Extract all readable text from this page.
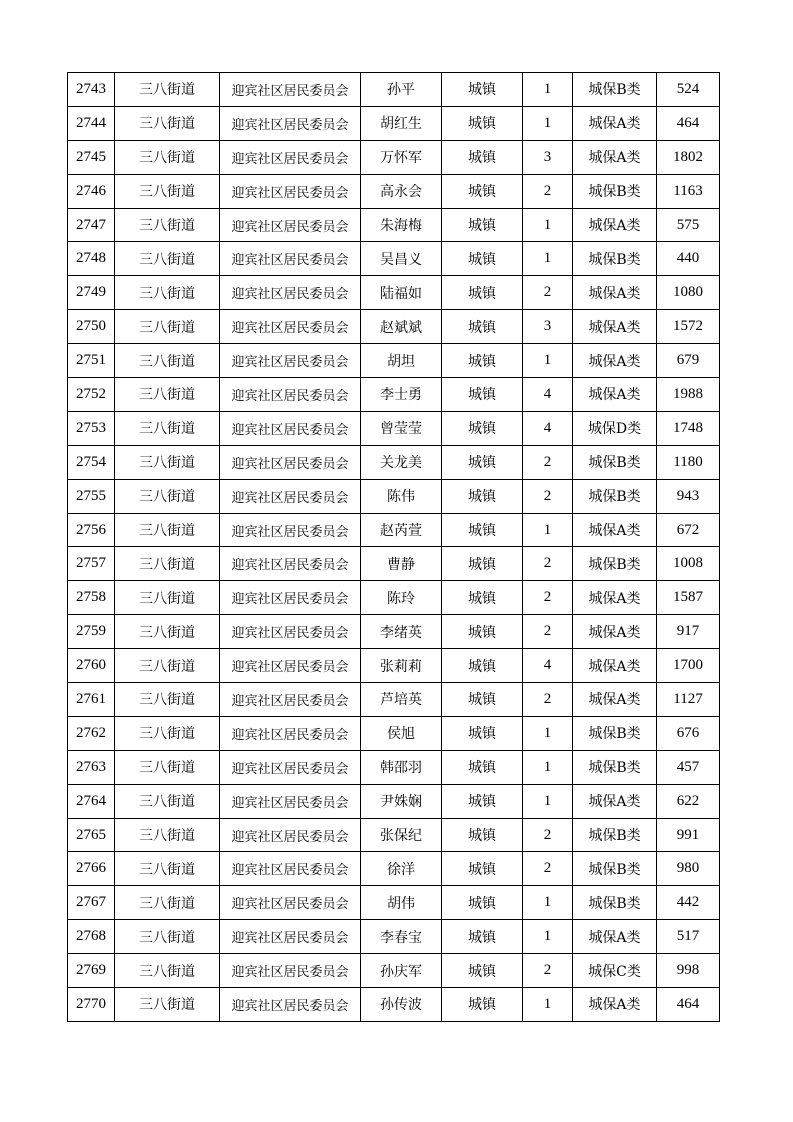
2743	三八街道	迎宾社区居民委员会	孙平	城镇	1	城保B类	524
2744	三八街道	迎宾社区居民委员会	胡红生	城镇	1	城保A类	464
2745	三八街道	迎宾社区居民委员会	万怀军	城镇	3	城保A类	1802
2746	三八街道	迎宾社区居民委员会	高永会	城镇	2	城保B类	1163
2747	三八街道	迎宾社区居民委员会	朱海梅	城镇	1	城保A类	575
2748	三八街道	迎宾社区居民委员会	吴昌义	城镇	1	城保B类	440
2749	三八街道	迎宾社区居民委员会	陆福如	城镇	2	城保A类	1080
2750	三八街道	迎宾社区居民委员会	赵斌斌	城镇	3	城保A类	1572
2751	三八街道	迎宾社区居民委员会	胡坦	城镇	1	城保A类	679
2752	三八街道	迎宾社区居民委员会	李士勇	城镇	4	城保A类	1988
2753	三八街道	迎宾社区居民委员会	曾莹莹	城镇	4	城保D类	1748
2754	三八街道	迎宾社区居民委员会	关龙美	城镇	2	城保B类	1180
2755	三八街道	迎宾社区居民委员会	陈伟	城镇	2	城保B类	943
2756	三八街道	迎宾社区居民委员会	赵芮萱	城镇	1	城保A类	672
2757	三八街道	迎宾社区居民委员会	曹静	城镇	2	城保B类	1008
2758	三八街道	迎宾社区居民委员会	陈玲	城镇	2	城保A类	1587
2759	三八街道	迎宾社区居民委员会	李绪英	城镇	2	城保A类	917
2760	三八街道	迎宾社区居民委员会	张莉莉	城镇	4	城保A类	1700
2761	三八街道	迎宾社区居民委员会	芦培英	城镇	2	城保A类	1127
2762	三八街道	迎宾社区居民委员会	侯旭	城镇	1	城保B类	676
2763	三八街道	迎宾社区居民委员会	韩邵羽	城镇	1	城保B类	457
2764	三八街道	迎宾社区居民委员会	尹姝娴	城镇	1	城保A类	622
2765	三八街道	迎宾社区居民委员会	张保纪	城镇	2	城保B类	991
2766	三八街道	迎宾社区居民委员会	徐洋	城镇	2	城保B类	980
2767	三八街道	迎宾社区居民委员会	胡伟	城镇	1	城保B类	442
2768	三八街道	迎宾社区居民委员会	李春宝	城镇	1	城保A类	517
2769	三八街道	迎宾社区居民委员会	孙庆军	城镇	2	城保C类	998
2770	三八街道	迎宾社区居民委员会	孙传波	城镇	1	城保A类	464
